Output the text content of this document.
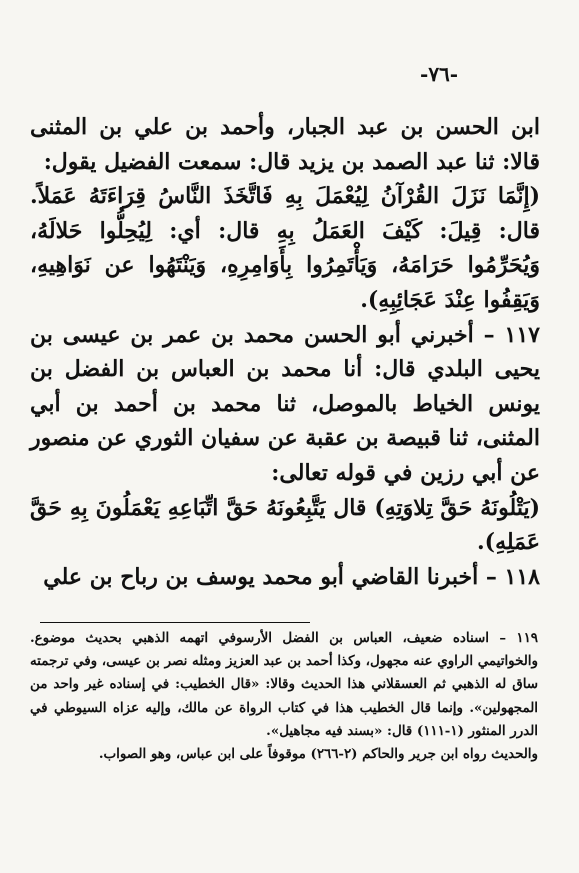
-٧٦-

ابن الحسن بن عبد الجبار، وأحمد بن علي بن المثنى قالا: ثنا عبد الصمد بن يزيد قال: سمعت الفضيل يقول:

(إِنَّمَا نَزَلَ القُرْآنُ لِيُعْمَلَ بِهِ فَاتَّخَذَ النَّاسُ قِرَاءَتَهُ عَمَلاً. قال: قِيلَ: كَيْفَ العَمَلُ بِهِ قال: أي: لِيُحِلُّوا حَلالَهُ، وَيُحَرِّمُوا حَرَامَهُ، وَيَأْتَمِرُوا بِأَوَامِرِهِ، وَيَنْتَهُوا عن نَوَاهِيهِ، وَيَقِفُوا عِنْدَ عَجَائِبِهِ).

١١٧ – أخبرني أبو الحسن محمد بن عمر بن عيسى بن يحيى البلدي قال: أنا محمد بن العباس بن الفضل بن يونس الخياط بالموصل، ثنا محمد بن أحمد بن أبي المثنى، ثنا قبيصة بن عقبة عن سفيان الثوري عن منصور عن أبي رزين في قوله تعالى:

(يَتْلُونَهُ حَقَّ تِلاوَتِهِ) قال يَتَّبِعُونَهُ حَقَّ اتِّبَاعِهِ يَعْمَلُونَ بِهِ حَقَّ عَمَلِهِ).

١١٨ – أخبرنا القاضي أبو محمد يوسف بن رباح بن علي

١١٩ – اسناده ضعيف، العباس بن الفضل الأرسوفي اتهمه الذهبي بحديث موضوع. والخواتيمي الراوي عنه مجهول، وكذا أحمد بن عبد العزيز ومثله نصر بن عيسى، وفي ترجمته ساق له الذهبي ثم العسقلاني هذا الحديث وقالا: «قال الخطيب: في إسناده غير واحد من المجهولين». وإنما قال الخطيب هذا في كتاب الرواة عن مالك، وإليه عزاه السيوطي في الدرر المنثور (١-١١١) قال: «بسند فيه مجاهيل».

والحديث رواه ابن جرير والحاكم (٢-٢٦٦) موقوفاً على ابن عباس، وهو الصواب.
